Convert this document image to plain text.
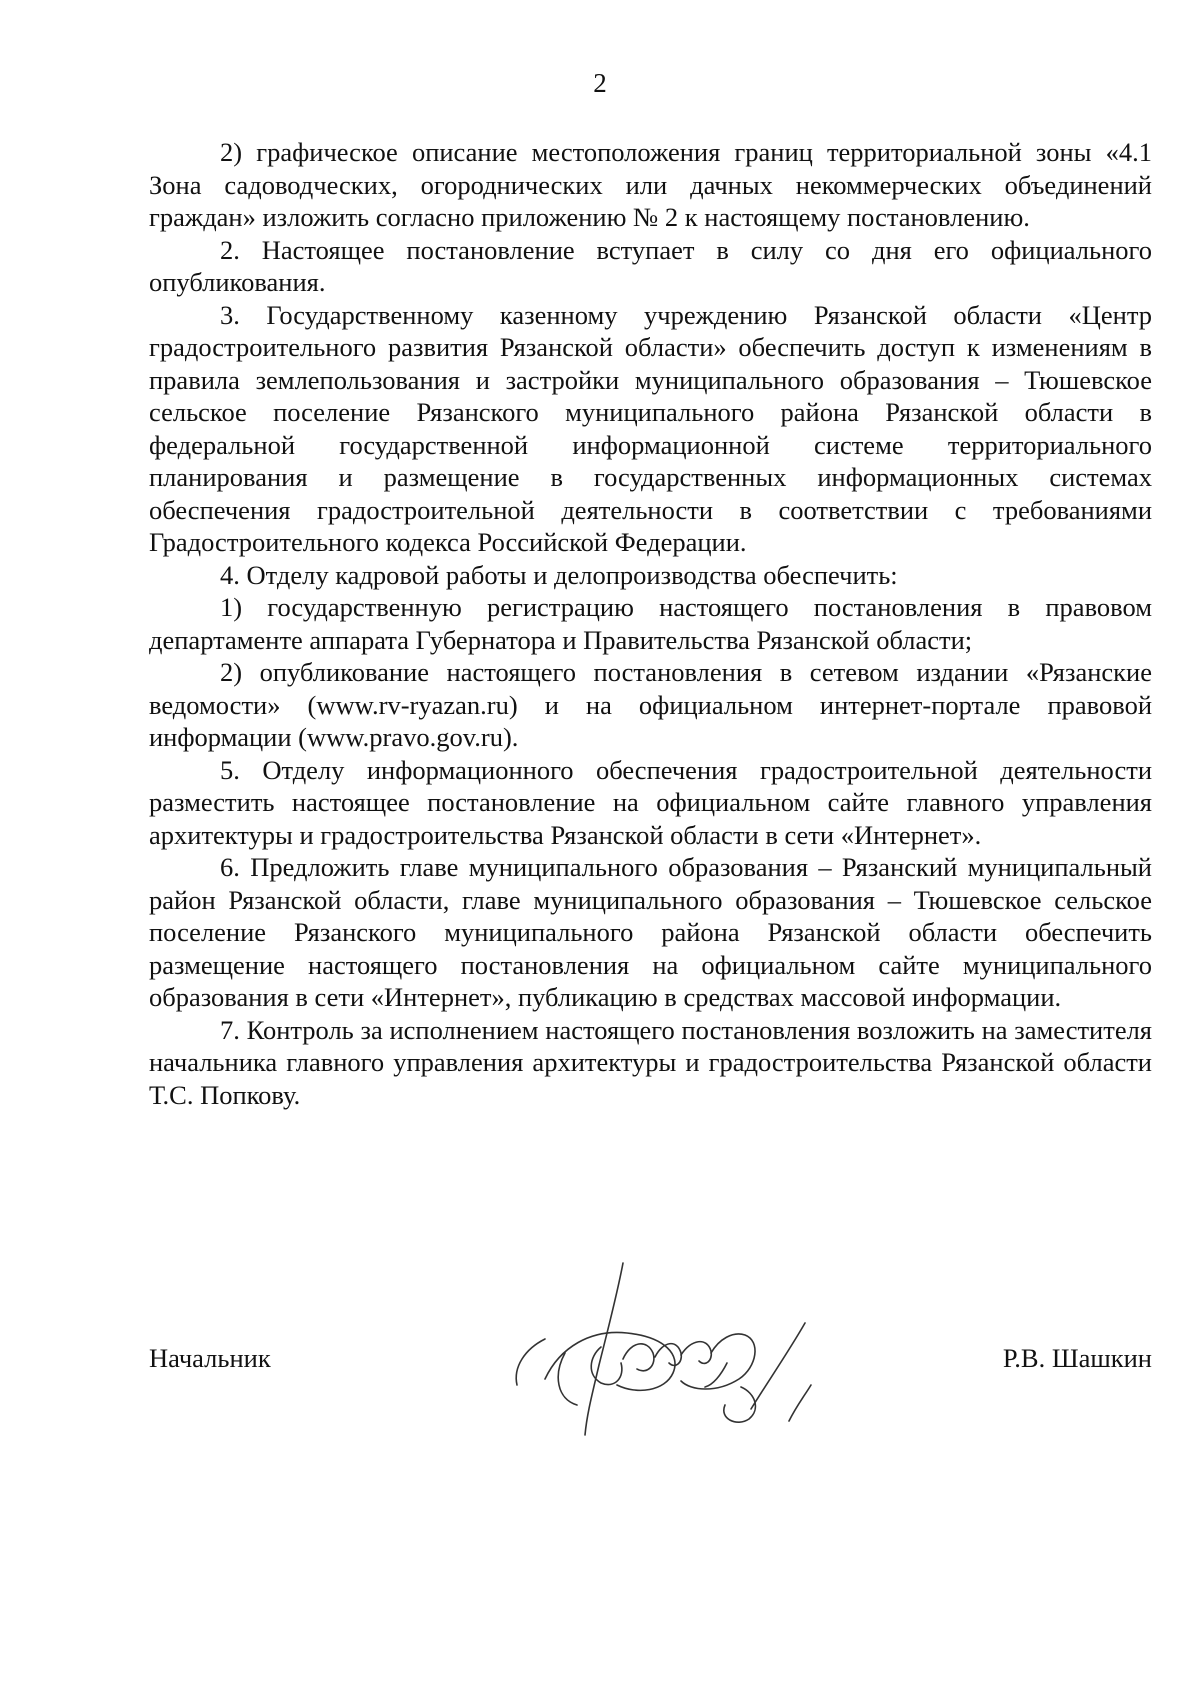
2

2) графическое описание местоположения границ территориальной зоны «4.1 Зона садоводческих, огороднических или дачных некоммерческих объединений граждан» изложить согласно приложению № 2 к настоящему постановлению.

2. Настоящее постановление вступает в силу со дня его официального опубликования.

3. Государственному казенному учреждению Рязанской области «Центр градостроительного развития Рязанской области» обеспечить доступ к изменениям в правила землепользования и застройки муниципального образования – Тюшевское сельское поселение Рязанского муниципального района Рязанской области в федеральной государственной информационной системе территориального планирования и размещение в государственных информационных системах обеспечения градостроительной деятельности в соответствии с требованиями Градостроительного кодекса Российской Федерации.

4. Отделу кадровой работы и делопроизводства обеспечить:

1) государственную регистрацию настоящего постановления в правовом департаменте аппарата Губернатора и Правительства Рязанской области;

2) опубликование настоящего постановления в сетевом издании «Рязанские ведомости» (www.rv-ryazan.ru) и на официальном интернет-портале правовой информации (www.pravo.gov.ru).

5. Отделу информационного обеспечения градостроительной деятельности разместить настоящее постановление на официальном сайте главного управления архитектуры и градостроительства Рязанской области в сети «Интернет».

6. Предложить главе муниципального образования – Рязанский муниципальный район Рязанской области, главе муниципального образования – Тюшевское сельское поселение Рязанского муниципального района Рязанской области обеспечить размещение настоящего постановления на официальном сайте муниципального образования в сети «Интернет», публикацию в средствах массовой информации.

7. Контроль за исполнением настоящего постановления возложить на заместителя начальника главного управления архитектуры и градостроительства Рязанской области Т.С. Попкову.

Начальник	Р.В. Шашкин
